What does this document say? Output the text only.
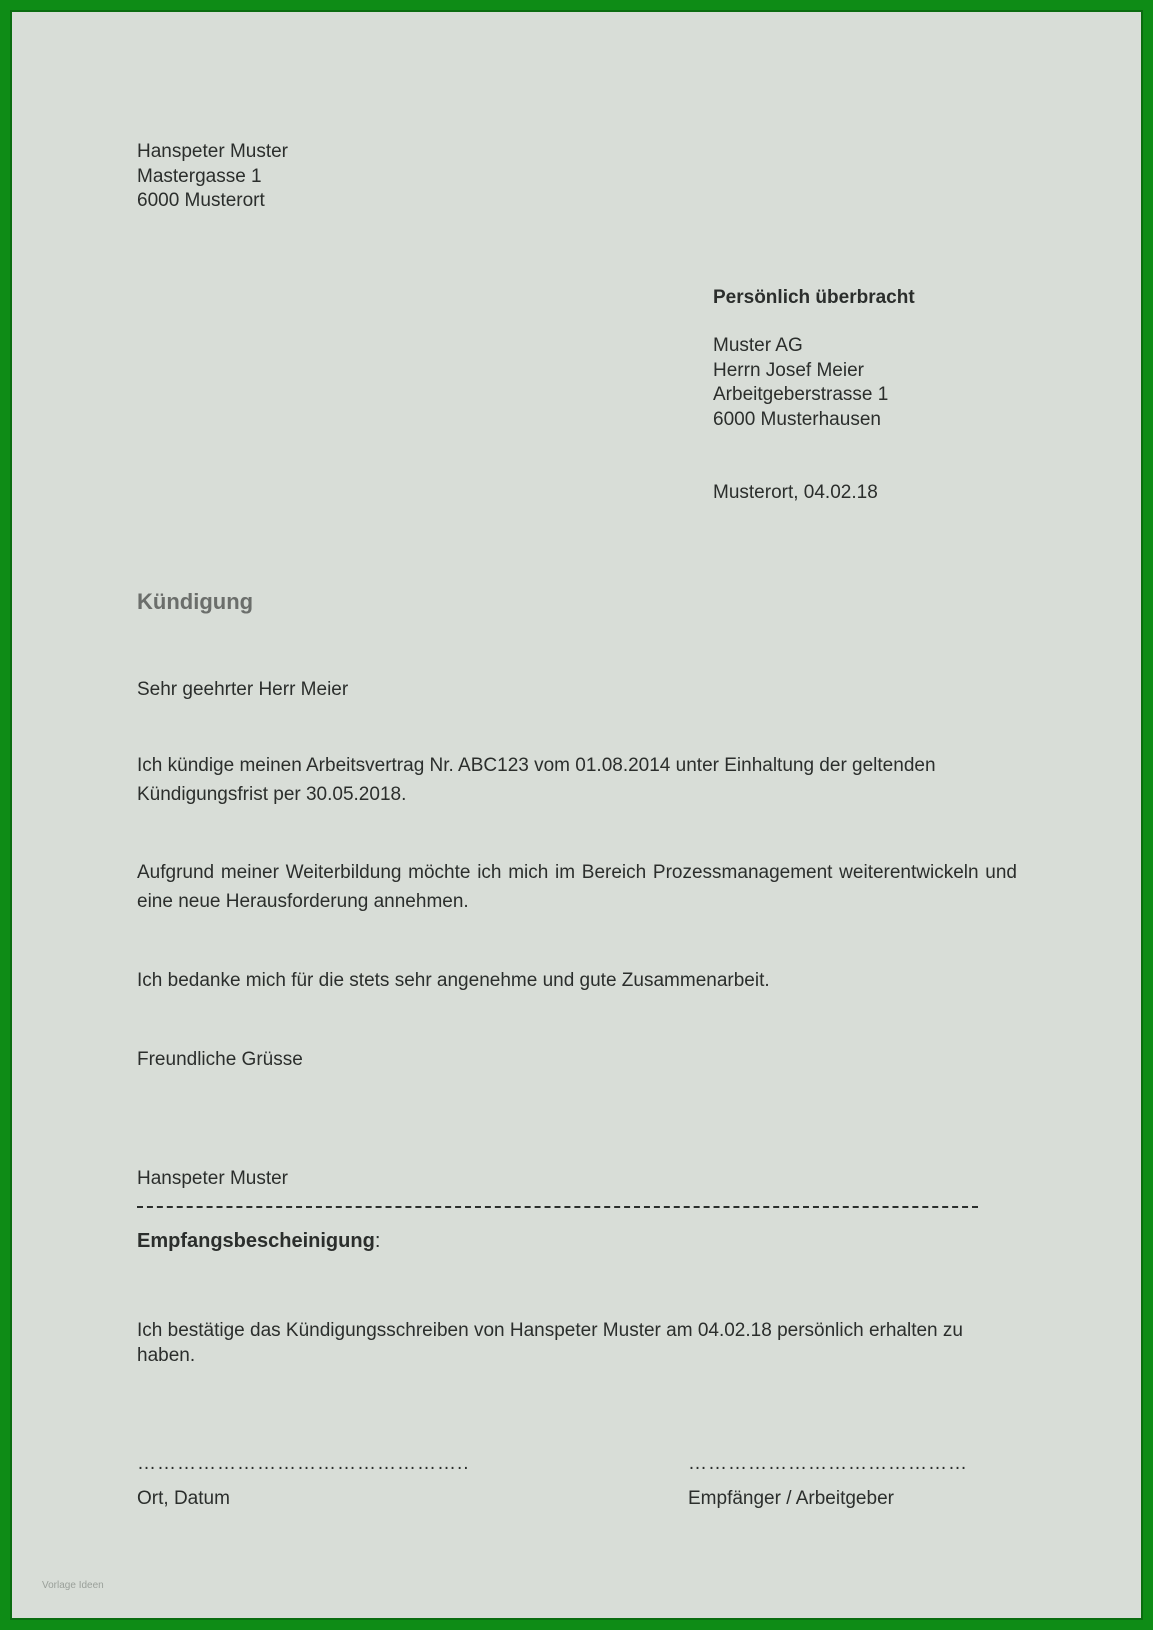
Hanspeter Muster
Mastergasse 1
6000 Musterort
Persönlich überbracht
Muster AG
Herrn Josef Meier
Arbeitgeberstrasse 1
6000 Musterhausen
Musterort, 04.02.18
Kündigung
Sehr geehrter Herr Meier
Ich kündige meinen Arbeitsvertrag Nr. ABC123 vom 01.08.2014 unter Einhaltung der geltenden Kündigungsfrist per 30.05.2018.
Aufgrund meiner Weiterbildung möchte ich mich im Bereich Prozessmanagement weiterentwickeln und eine neue Herausforderung annehmen.
Ich bedanke mich für die stets sehr angenehme und gute Zusammenarbeit.
Freundliche Grüsse
Hanspeter Muster
Empfangsbescheinigung:
Ich bestätige das Kündigungsschreiben von Hanspeter Muster am 04.02.18 persönlich erhalten zu haben.
…………………………………………..	……………………………………
Ort, Datum	Empfänger / Arbeitgeber
Vorlage Ideen
